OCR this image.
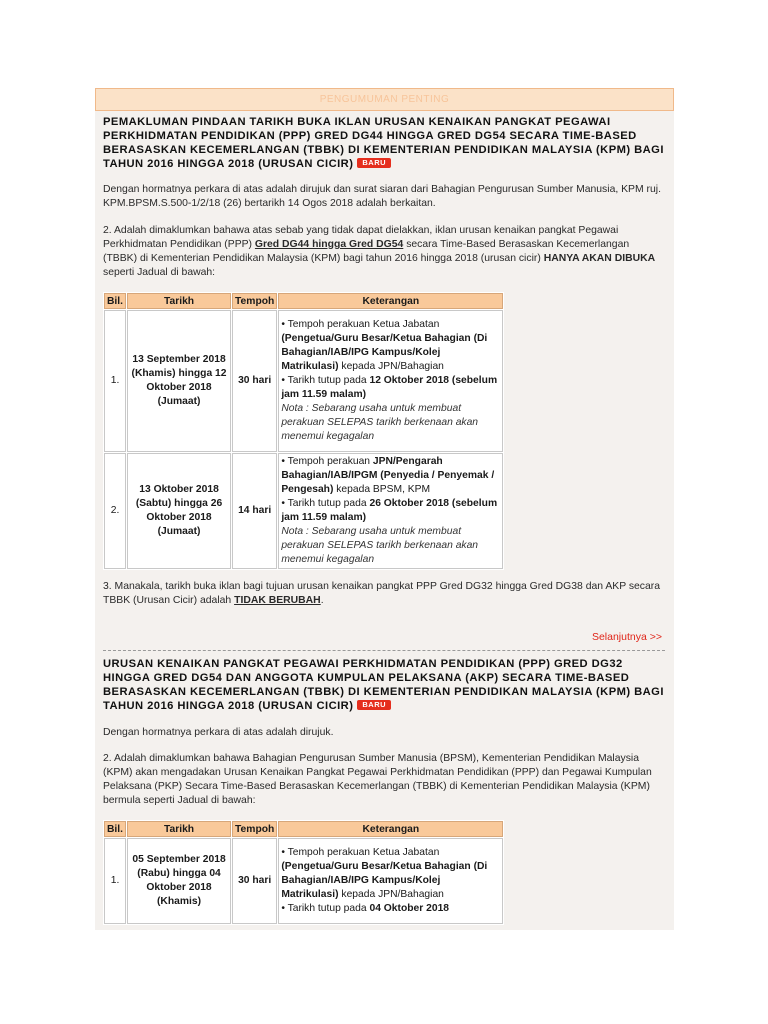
PENGUMUMAN PENTING
PEMAKLUMAN PINDAAN TARIKH BUKA IKLAN URUSAN KENAIKAN PANGKAT PEGAWAI PERKHIDMATAN PENDIDIKAN (PPP) GRED DG44 HINGGA GRED DG54 SECARA TIME-BASED BERASASKAN KECEMERLANGAN (TBBK) DI KEMENTERIAN PENDIDIKAN MALAYSIA (KPM) BAGI TAHUN 2016 HINGGA 2018 (URUSAN CICIR) BARU
Dengan hormatnya perkara di atas adalah dirujuk dan surat siaran dari Bahagian Pengurusan Sumber Manusia, KPM ruj. KPM.BPSM.S.500-1/2/18 (26) bertarikh 14 Ogos 2018 adalah berkaitan.
2. Adalah dimaklumkan bahawa atas sebab yang tidak dapat dielakkan, iklan urusan kenaikan pangkat Pegawai Perkhidmatan Pendidikan (PPP) Gred DG44 hingga Gred DG54 secara Time-Based Berasaskan Kecemerlangan (TBBK) di Kementerian Pendidikan Malaysia (KPM) bagi tahun 2016 hingga 2018 (urusan cicir) HANYA AKAN DIBUKA seperti Jadual di bawah:
Bil.	Tarikh	Tempoh	Keterangan
1.	13 September 2018 (Khamis) hingga 12 Oktober 2018 (Jumaat)	30 hari	• Tempoh perakuan Ketua Jabatan (Pengetua/Guru Besar/Ketua Bahagian (Di Bahagian/IAB/IPG Kampus/Kolej Matrikulasi) kepada JPN/Bahagian
• Tarikh tutup pada 12 Oktober 2018 (sebelum jam 11.59 malam)
Nota : Sebarang usaha untuk membuat perakuan SELEPAS tarikh berkenaan akan menemui kegagalan
2.	13 Oktober 2018 (Sabtu) hingga 26 Oktober 2018 (Jumaat)	14 hari	• Tempoh perakuan JPN/Pengarah Bahagian/IAB/IPGM (Penyedia / Penyemak / Pengesah) kepada BPSM, KPM
• Tarikh tutup pada 26 Oktober 2018 (sebelum jam 11.59 malam)
Nota : Sebarang usaha untuk membuat perakuan SELEPAS tarikh berkenaan akan menemui kegagalan
3. Manakala, tarikh buka iklan bagi tujuan urusan kenaikan pangkat PPP Gred DG32 hingga Gred DG38 dan AKP secara TBBK (Urusan Cicir) adalah TIDAK BERUBAH.
Selanjutnya >>
URUSAN KENAIKAN PANGKAT PEGAWAI PERKHIDMATAN PENDIDIKAN (PPP) GRED DG32 HINGGA GRED DG54 DAN ANGGOTA KUMPULAN PELAKSANA (AKP) SECARA TIME-BASED BERASASKAN KECEMERLANGAN (TBBK) DI KEMENTERIAN PENDIDIKAN MALAYSIA (KPM) BAGI TAHUN 2016 HINGGA 2018 (URUSAN CICIR) BARU
Dengan hormatnya perkara di atas adalah dirujuk.
2. Adalah dimaklumkan bahawa Bahagian Pengurusan Sumber Manusia (BPSM), Kementerian Pendidikan Malaysia (KPM) akan mengadakan Urusan Kenaikan Pangkat Pegawai Perkhidmatan Pendidikan (PPP) dan Pegawai Kumpulan Pelaksana (PKP) Secara Time-Based Berasaskan Kecemerlangan (TBBK) di Kementerian Pendidikan Malaysia (KPM) bermula seperti Jadual di bawah:
Bil.	Tarikh	Tempoh	Keterangan
1.	05 September 2018 (Rabu) hingga 04 Oktober 2018 (Khamis)	30 hari	• Tempoh perakuan Ketua Jabatan (Pengetua/Guru Besar/Ketua Bahagian (Di Bahagian/IAB/IPG Kampus/Kolej Matrikulasi) kepada JPN/Bahagian
• Tarikh tutup pada 04 Oktober 2018
